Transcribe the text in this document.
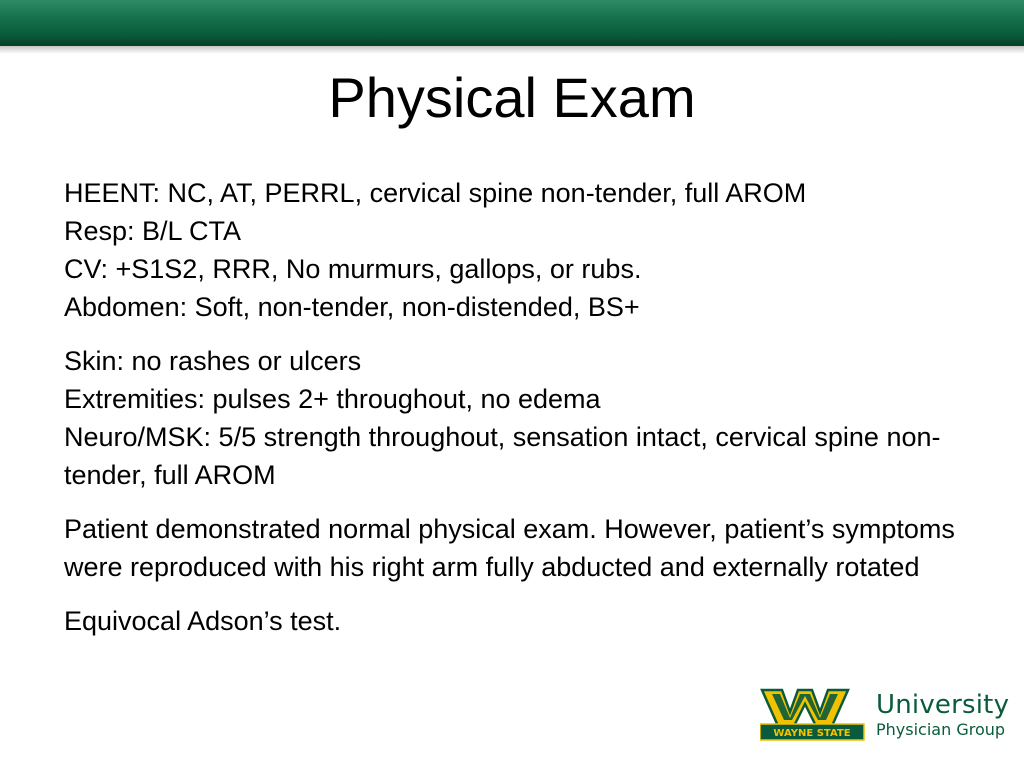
Physical Exam

HEENT: NC, AT, PERRL, cervical spine non-tender, full AROM
Resp: B/L CTA
CV: +S1S2, RRR, No murmurs, gallops, or rubs.
Abdomen: Soft, non-tender, non-distended, BS+

Skin: no rashes or ulcers
Extremities: pulses 2+ throughout, no edema
Neuro/MSK: 5/5 strength throughout, sensation intact, cervical spine non-tender, full AROM

Patient demonstrated normal physical exam. However, patient’s symptoms were reproduced with his right arm fully abducted and externally rotated

Equivocal Adson’s test.

WAYNE STATE
University
Physician Group
